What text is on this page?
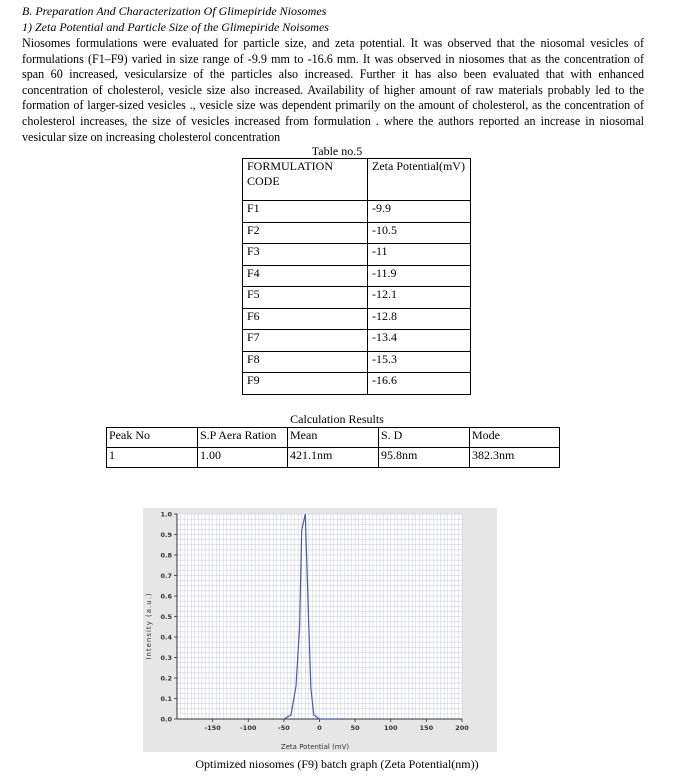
B. Preparation And Characterization Of Glimepiride Niosomes
1) Zeta Potential and Particle Size of the Glimepiride Noisomes

Niosomes formulations were evaluated for particle size, and zeta potential. It was observed that the niosomal vesicles of formulations (F1–F9) varied in size range of -9.9 mm to -16.6 mm. It was observed in niosomes that as the concentration of span 60 increased, vesicularsize of the particles also increased. Further it has also been evaluated that with enhanced concentration of cholesterol, vesicle size also increased. Availability of higher amount of raw materials probably led to the formation of larger-sized vesicles ., vesicle size was dependent primarily on the amount of cholesterol, as the concentration of cholesterol increases, the size of vesicles increased from formulation . where the authors reported an increase in niosomal vesicular size on increasing cholesterol concentration

Table no.5
FORMULATION CODE	Zeta Potential(mV)
F1	-9.9
F2	-10.5
F3	-11
F4	-11.9
F5	-12.1
F6	-12.8
F7	-13.4
F8	-15.3
F9	-16.6
Calculation Results
Peak No	S.P Aera Ration	Mean	S. D	Mode
1	1.00	421.1nm	95.8nm	382.3nm
0.0
0.1
0.2
0.3
0.4
0.5
0.6
0.7
0.8
0.9
1.0
-150	-100	-50	0	50	100	150	200
Zeta Potential (mV)
Intensity (a.u.)
Optimized niosomes (F9) batch graph (Zeta Potential(nm))
